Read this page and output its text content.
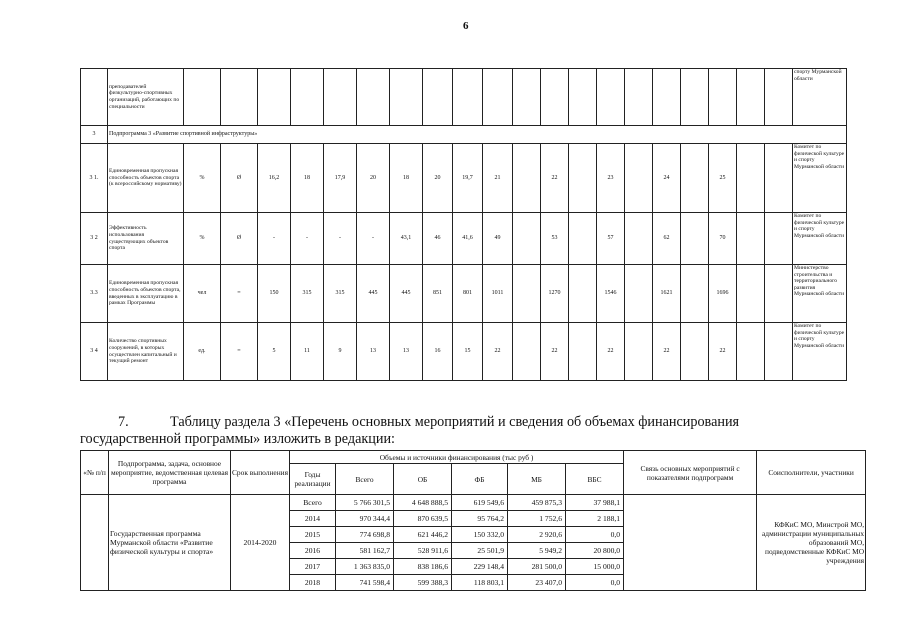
6
	преподавателей физкультурно-спортивных организаций, работающих по специальности																					спорту Мурманской области
3	Подпрограмма 3 «Развитие спортивной инфраструктуры»																					
3 1.	Единовременная пропускная способность объектов спорта (к всероссийскому нормативу)	%	Ø	16,2	18	17,9	20	18	20	19,7	21		22		23		24		25			Комитет по физической культуре и спорту Мурманской области
3 2	Эффективность использования существующих объектов спорта	%	Ø	-	-	-	-	43,1	46	41,6	49		53		57		62		70			Комитет по физической культуре и спорту Мурманской области
3.3	Единовременная пропускная способность объектов спорта, введенных в эксплуатацию в рамках Программы	чел	=	150	315	315	445	445	851	801	1011		1270		1546		1621		1696			Министерство строительства и территориального развития Мурманской области
3 4	Количество спортивных сооружений, в которых осуществлен капитальный и текущий ремонт	ед.	=	5	11	9	13	13	16	15	22		22		22		22		22			Комитет по физической культуре и спорту Мурманской области
7.	Таблицу раздела 3 «Перечень основных мероприятий и сведения об объемах финансирования государственной программы» изложить в редакции:
«№ п/п	Подпрограмма, задача, основное мероприятие, ведомственная целевая программа	Срок выполнения	Объемы и источники финансирования (тыс руб )						Связь основных мероприятий с показателями подпрограмм	Соисполнители, участники
			Годы реализации	Всего	ОБ	ФБ	МБ	ВБС		
	Государственная программа Мурманской области «Развитие физической культуры и спорта»	2014-2020	Всего	5 766 301,5	4 648 888,5	619 549,6	459 875,3	37 988,1		КФКиС МО, Минстрой МО, администрации муниципальных образований МО, подведомственные КФКиС МО учреждения
			2014	970 344,4	870 639,5	95 764,2	1 752,6	2 188,1		
			2015	774 698,8	621 446,2	150 332,0	2 920,6	0,0		
			2016	581 162,7	528 911,6	25 501,9	5 949,2	20 800,0		
			2017	1 363 835,0	838 186,6	229 148,4	281 500,0	15 000,0		
			2018	741 598,4	599 388,3	118 803,1	23 407,0	0,0		
